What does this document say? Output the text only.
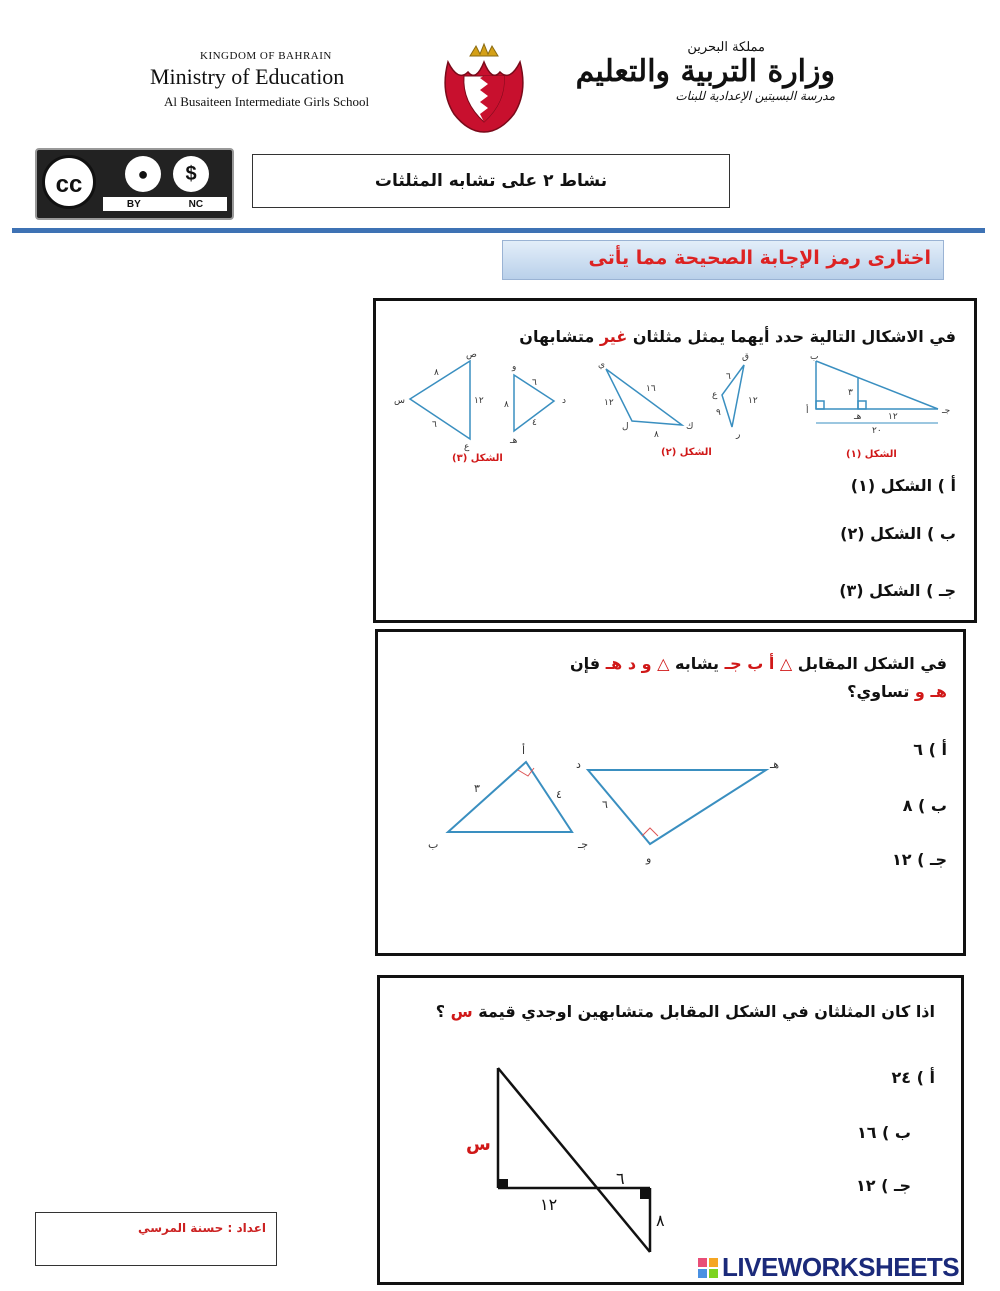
KINGDOM OF BAHRAIN
Ministry of Education
Al Busaiteen Intermediate Girls School
مملكة البحرين
وزارة التربية والتعليم
مدرسة البسيتين الإعدادية للبنات
cc	●	$
BY	NC
نشاط ٢ على تشابه المثلثات
اختارى رمز الإجابة الصحيحة مما يأتى
في الاشكال التالية حدد أيهما يمثل مثلثان غير متشابهان
ب
أ	جـ
هـ
٣
١٢
٢٠
الشكل (١)
ق
ع
ر
ي
ل	ك
٦
٩
١٢
١٦
١٢
٨
الشكل (٢)
ص
س
ع
و
د
هـ
٨
١٢
٦
٨
٦
٤
الشكل (٣)
أ ) الشكل (١)
ب ) الشكل (٢)
جـ ) الشكل (٣)
في الشكل المقابل △ أ ب جـ يشابه △ و د هـ فإن
هـ و تساوي؟
أ
ب	جـ
د	هـ
و
٣	٤
٦
أ ) ٦
ب ) ٨
جـ ) ١٢
اذا كان المثلثان في الشكل المقابل متشابهين اوجدي قيمة س ؟
س
١٢
٦
٨
أ ) ٢٤
ب ) ١٦
جـ ) ١٢
اعداد : حسنة المرسي
LIVEWORKSHEETS
